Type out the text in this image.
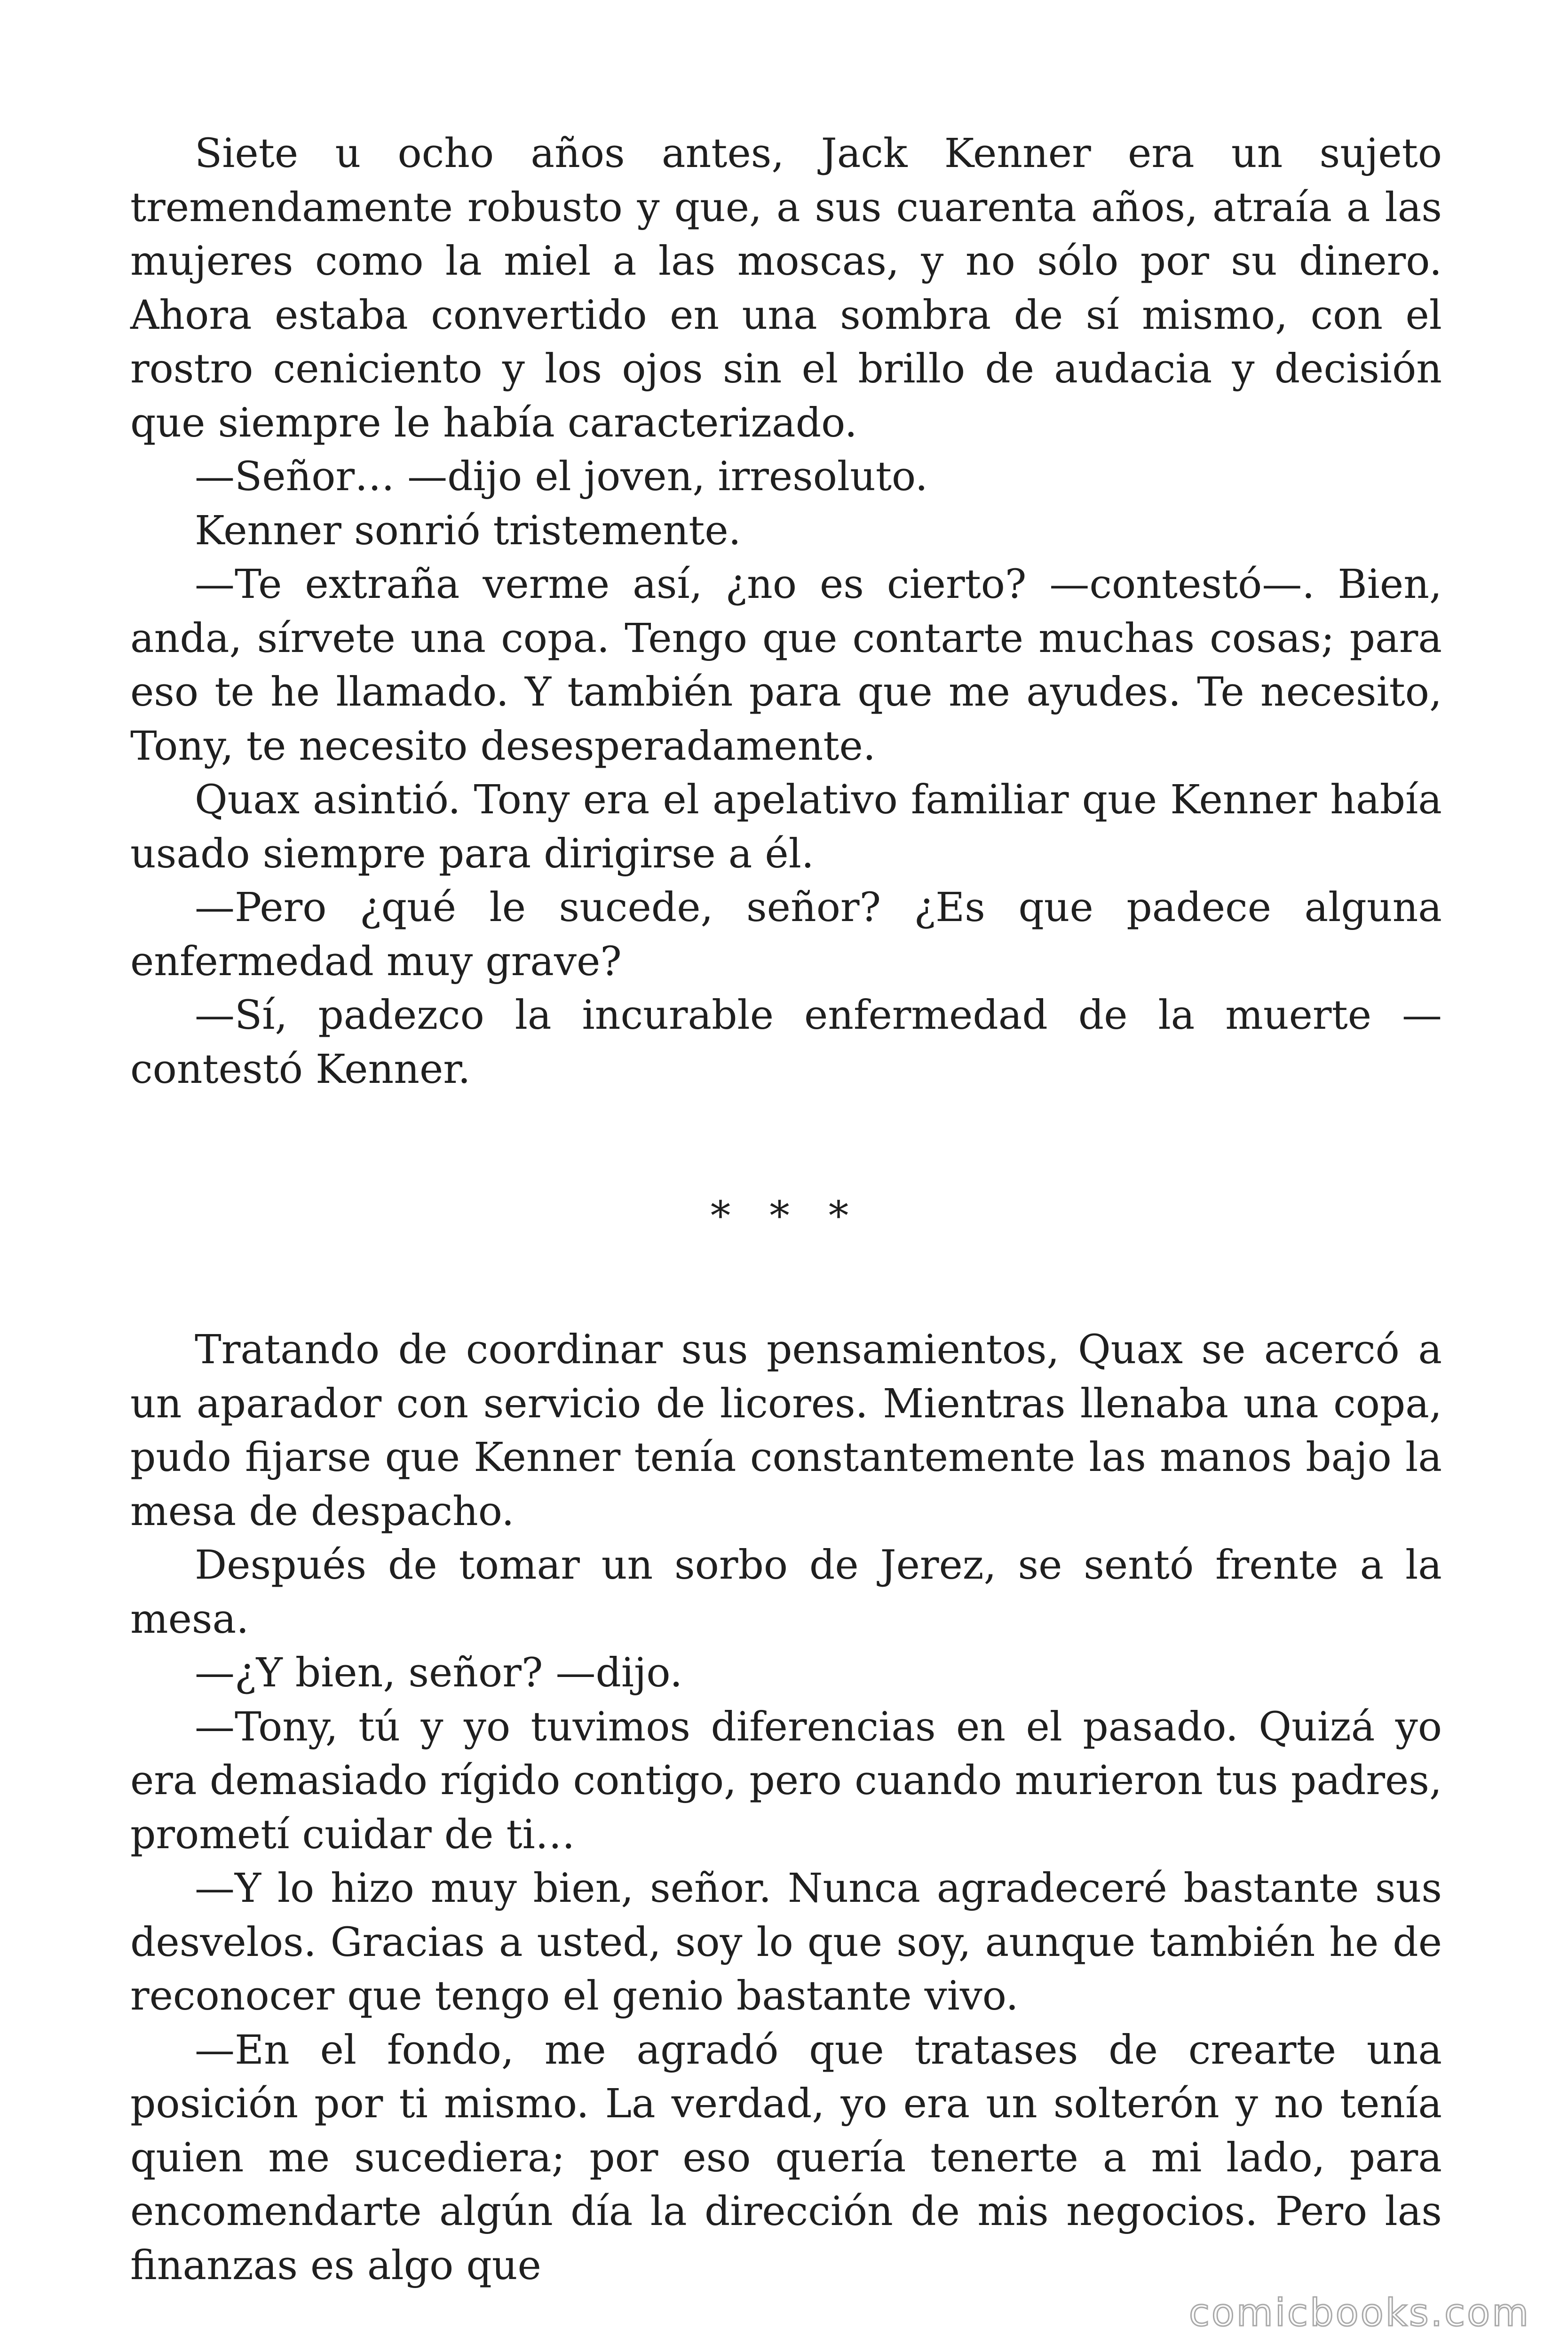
Siete u ocho años antes, Jack Kenner era un sujeto tremendamente robusto y que, a sus cuarenta años, atraía a las mujeres como la miel a las moscas, y no sólo por su dinero. Ahora estaba convertido en una sombra de sí mismo, con el rostro ceniciento y los ojos sin el brillo de audacia y decisión que siempre le había caracterizado.

—Señor… —dijo el joven, irresoluto.

Kenner sonrió tristemente.

—Te extraña verme así, ¿no es cierto? —contestó—. Bien, anda, sírvete una copa. Tengo que contarte muchas cosas; para eso te he llamado. Y también para que me ayudes. Te necesito, Tony, te necesito desesperadamente.

Quax asintió. Tony era el apelativo familiar que Kenner había usado siempre para dirigirse a él.

—Pero ¿qué le sucede, señor? ¿Es que padece alguna enfermedad muy grave?

—Sí, padezco la incurable enfermedad de la muerte —contestó Kenner.

* * *

Tratando de coordinar sus pensamientos, Quax se acercó a un aparador con servicio de licores. Mientras llenaba una copa, pudo fijarse que Kenner tenía constantemente las manos bajo la mesa de despacho.

Después de tomar un sorbo de Jerez, se sentó frente a la mesa.

—¿Y bien, señor? —dijo.

—Tony, tú y yo tuvimos diferencias en el pasado. Quizá yo era demasiado rígido contigo, pero cuando murieron tus padres, prometí cuidar de ti…

—Y lo hizo muy bien, señor. Nunca agradeceré bastante sus desvelos. Gracias a usted, soy lo que soy, aunque también he de reconocer que tengo el genio bastante vivo.

—En el fondo, me agradó que tratases de crearte una posición por ti mismo. La verdad, yo era un solterón y no tenía quien me sucediera; por eso quería tenerte a mi lado, para encomendarte algún día la dirección de mis negocios. Pero las finanzas es algo que

comicbooks.com
